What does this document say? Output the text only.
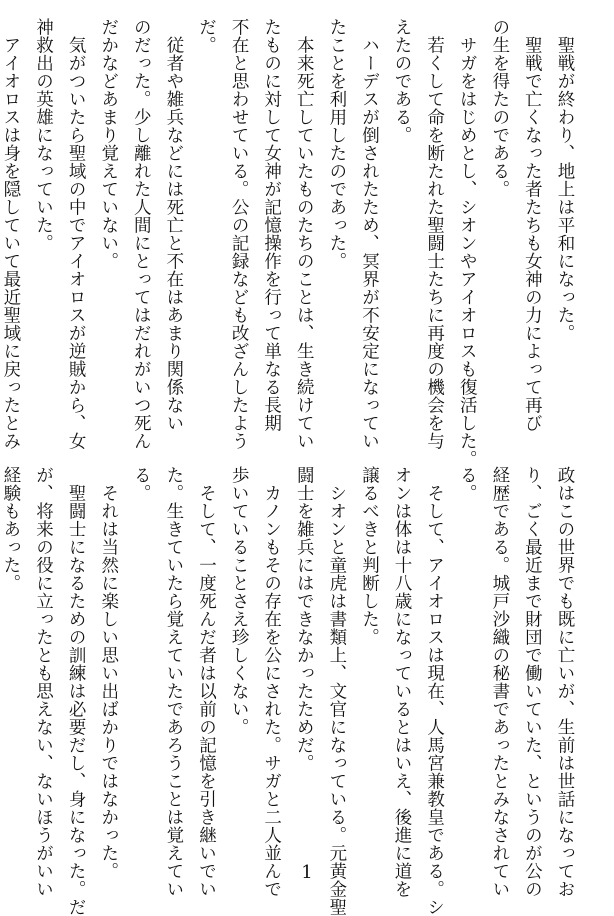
　聖戦が終わり、地上は平和になった。
　聖戦で亡くなった者たちも女神の力によって再び
の生を得たのである。
　サガをはじめとし、シオンやアイオロスも復活した。
　若くして命を断たれた聖闘士たちに再度の機会を与
えたのである。
　ハーデスが倒されたため、冥界が不安定になってい
たことを利用したのであった。
　本来死亡していたものたちのことは、生き続けてい
たものに対して女神が記憶操作を行って単なる長期
不在と思わせている。公の記録なども改ざんしたよう
だ。
　従者や雑兵などには死亡と不在はあまり関係ない
のだった。少し離れた人間にとってはだれがいつ死ん
だかなどあまり覚えていない。
　気がついたら聖域の中でアイオロスが逆賊から、女
神救出の英雄になっていた。
　アイオロスは身を隠していて最近聖域に戻ったとみ
政はこの世界でも既に亡いが、生前は世話になってお
り、ごく最近まで財団で働いていた、というのが公の
経歴である。城戸沙織の秘書であったとみなされてい
る。
　そして、アイオロスは現在、人馬宮兼教皇である。シ
オンは体は十八歳になっているとはいえ、後進に道を
譲るべきと判断した。
　シオンと童虎は書類上、文官になっている。元黄金聖
闘士を雑兵にはできなかったためだ。
　カノンもその存在を公にされた。サガと二人並んで
歩いていることさえ珍しくない。
　そして、一度死んだ者は以前の記憶を引き継いでい
た。生きていたら覚えていたであろうことは覚えてい
る。
　それは当然に楽しい思い出ばかりではなかった。
　聖闘士になるための訓練は必要だし、身になった。だ
が、将来の役に立ったとも思えない、ないほうがいい
経験もあった。
1
